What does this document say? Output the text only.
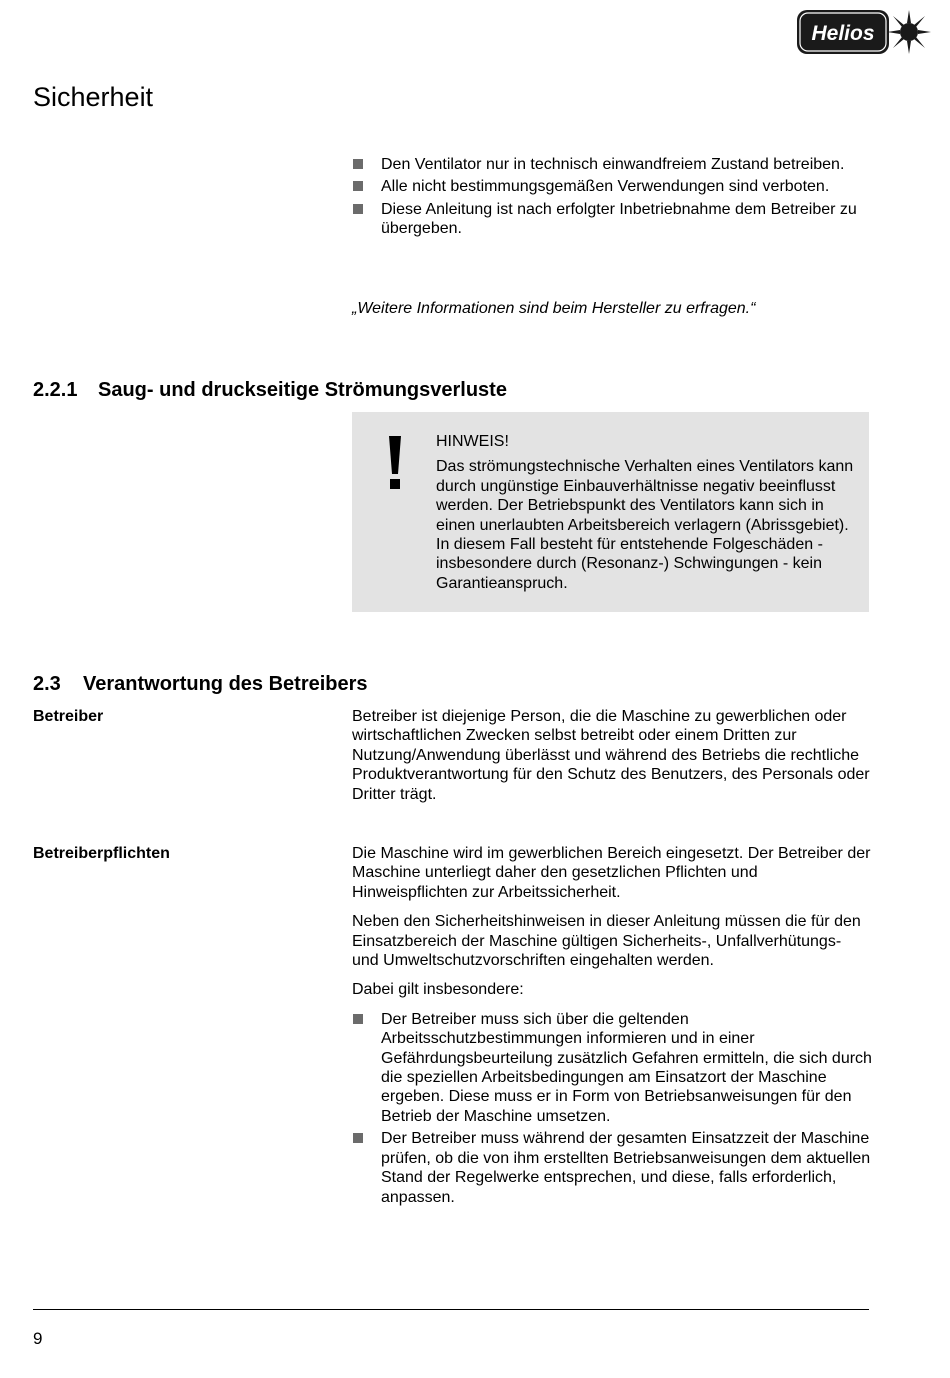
Helios
Sicherheit
Den Ventilator nur in technisch einwandfreiem Zustand betreiben.
Alle nicht bestimmungsgemäßen Verwendungen sind verboten.
Diese Anleitung ist nach erfolgter Inbetriebnahme dem Betreiber zu übergeben.
„Weitere Informationen sind beim Hersteller zu erfragen.“
2.2.1 Saug- und druckseitige Strömungsverluste
HINWEIS!
Das strömungstechnische Verhalten eines Ventilators kann durch ungünstige Einbauverhältnisse negativ beeinflusst werden. Der Betriebspunkt des Ventilators kann sich in einen unerlaubten Arbeitsbereich verlagern (Abrissgebiet). In diesem Fall besteht für entstehende Folgeschäden - insbesondere durch (Resonanz-) Schwingungen - kein Garantieanspruch.
2.3 Verantwortung des Betreibers
Betreiber	Betreiber ist diejenige Person, die die Maschine zu gewerblichen oder wirtschaftlichen Zwecken selbst betreibt oder einem Dritten zur Nutzung/Anwendung überlässt und während des Betriebs die rechtliche Produktverantwortung für den Schutz des Benutzers, des Personals oder Dritter trägt.

Betreiberpflichten	Die Maschine wird im gewerblichen Bereich eingesetzt. Der Betreiber der Maschine unterliegt daher den gesetzlichen Pflichten und Hinweispflichten zur Arbeitssicherheit.

Neben den Sicherheitshinweisen in dieser Anleitung müssen die für den Einsatzbereich der Maschine gültigen Sicherheits-, Unfallverhütungs- und Umweltschutzvorschriften eingehalten werden.

Dabei gilt insbesondere:

Der Betreiber muss sich über die geltenden Arbeitsschutzbestimmungen informieren und in einer Gefährdungsbeurteilung zusätzlich Gefahren ermitteln, die sich durch die speziellen Arbeitsbedingungen am Einsatzort der Maschine ergeben. Diese muss er in Form von Betriebsanweisungen für den Betrieb der Maschine umsetzen.
Der Betreiber muss während der gesamten Einsatzzeit der Maschine prüfen, ob die von ihm erstellten Betriebsanweisungen dem aktuellen Stand der Regelwerke entsprechen, und diese, falls erforderlich, anpassen.
9
